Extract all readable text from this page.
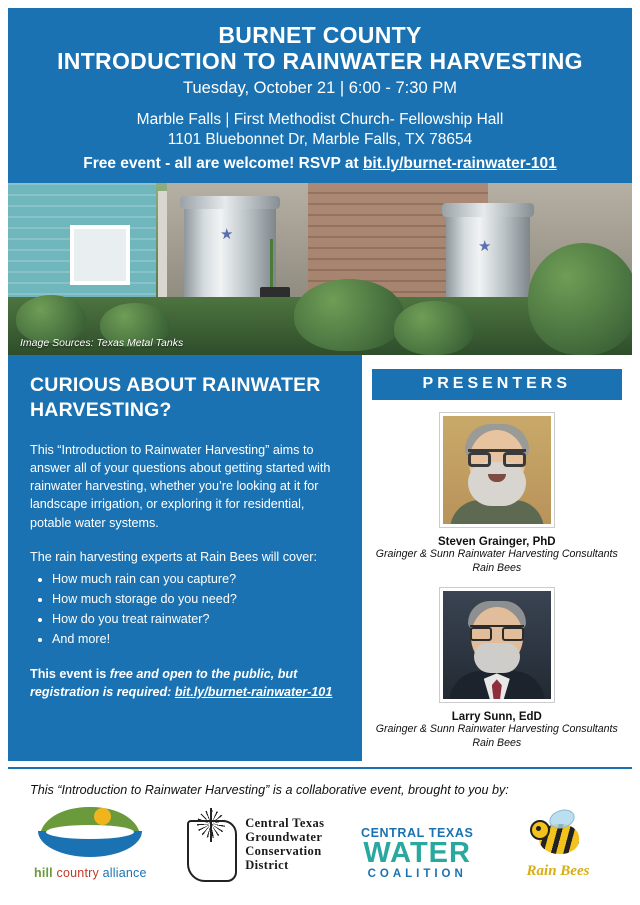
BURNET COUNTY
INTRODUCTION TO RAINWATER HARVESTING
Tuesday, October 21 | 6:00 - 7:30 PM
Marble Falls | First Methodist Church- Fellowship Hall
1101 Bluebonnet Dr, Marble Falls, TX 78654
Free event - all are welcome! RSVP at bit.ly/burnet-rainwater-101
★
★
Image Sources: Texas Metal Tanks
CURIOUS ABOUT RAINWATER HARVESTING?

This “Introduction to Rainwater Harvesting” aims to answer all of your questions about getting started with rainwater harvesting, whether you’re looking at it for landscape irrigation, or exploring it for residential, potable water systems.

The rain harvesting experts at Rain Bees will cover:

• How much rain can you capture?
• How much storage do you need?
• How do you treat rainwater?
• And more!
This event is free and open to the public, but registration is required: bit.ly/burnet-rainwater-101
PRESENTERS
Steven Grainger, PhD
Grainger & Sunn Rainwater Harvesting Consultants
Rain Bees
Larry Sunn, EdD
Grainger & Sunn Rainwater Harvesting Consultants
Rain Bees
This “Introduction to Rainwater Harvesting” is a collaborative event, brought to you by:
hill country alliance
Central Texas
Groundwater
Conservation
District
CENTRAL TEXAS
WATER
COALITION	Rain Bees
